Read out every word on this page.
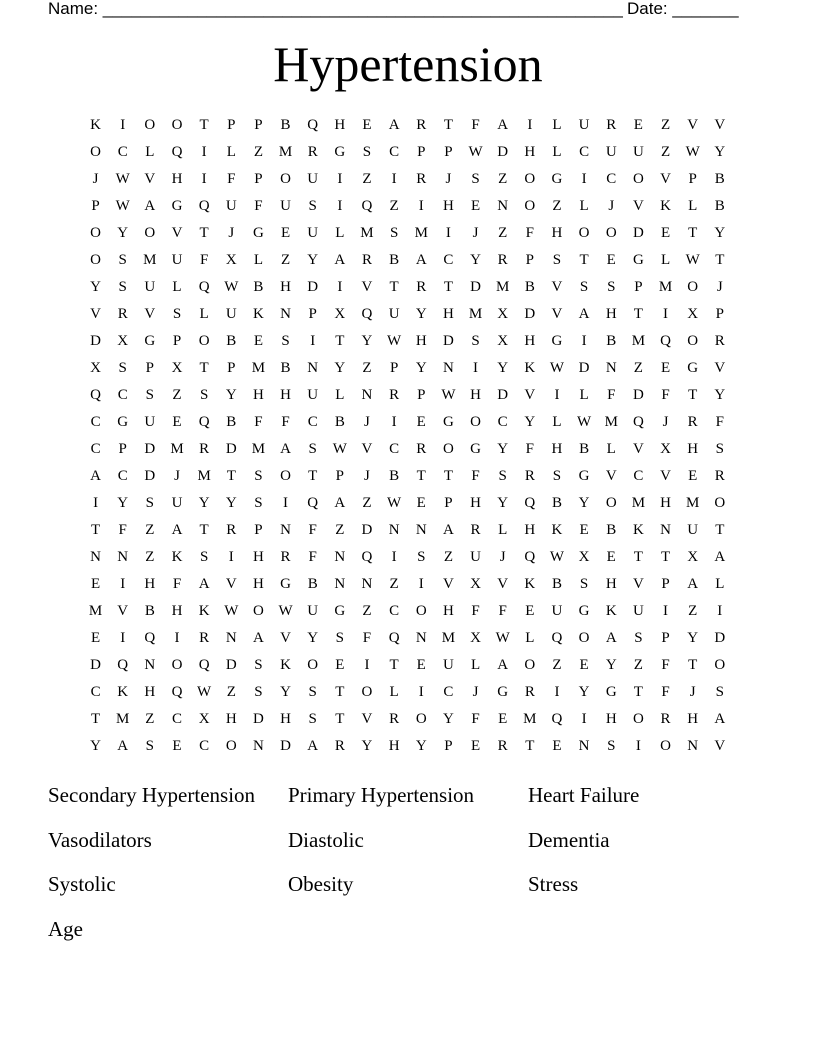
Name: _______________________________________________________ Date: _______
Hypertension
K	I	O	O	T	P	P	B	Q	H	E	A	R	T	F	A	I	L	U	R	E	Z	V	V
O	C	L	Q	I	L	Z	M	R	G	S	C	P	P	W D	H	L	C	U	U	Z	W Y
J	W V	H	I	F	P	O	U	I	Z	I	R	J	S	Z	O	G	I	C	O	V	P	B
P	W A	G	Q	U	F	U	S	I	Q	Z	I	H	E	N	O	Z	L	J	V	K	L	B
O	Y	O	V	T	J	G	E	U	L	M	S	M	I	J	Z	F	H	O	O	D	E	T	Y
O	S	M	U	F	X	L	Z	Y	A	R	B	A	C	Y	R	P	S	T	E	G	L	W	T
Y	S	U	L	Q W	B	H	D	I	V	T	R	T	D	M	B	V	S	S	P	M	O	J
V	R	V	S	L	U	K	N	P	X	Q	U	Y	H	M	X	D	V	A	H	T	I	X	P
D	X	G	P	O	B	E	S	I	T	Y W H	D	S	X	H	G	I	B	M	Q	O	R
X	S	P	X	T	P	M	B	N	Y	Z	P	Y	N	I	Y	K W D	N	Z	E	G	V
Q	C	S	Z	S	Y	H	H	U	L	N	R	P	W H	D	V	I	L	F	D	F	T	Y
C	G	U	E	Q	B	F	F	C	B	J	I	E	G	O	C	Y	L	W M	Q	J	R	F
C	P	D	M	R	D	M	A	S	W V	C	R	O	G	Y	F	H	B	L	V	X	H	S
A	C	D	J	M	T	S	O	T	P	J	B	T	T	F	S	R	S	G	V	C	V	E	R
I	Y	S	U	Y	Y	S	I	Q	A	Z	W	E	P	H	Y	Q	B	Y	O	M	H	M	O
T	F	Z	A	T	R	P	N	F	Z	D	N	N	A	R	L	H	K	E	B	K	N	U	T
N	N	Z	K	S	I	H	R	F	N	Q	I	S	Z	U	J	Q W X	E	T	T	X	A
E	I	H	F	A	V	H	G	B	N	N	Z	I	V	X	V	K	B	S	H	V	P	A	L
M	V	B	H	K W O W U	G	Z	C	O	H	F	F	E	U	G	K	U	I	Z	I
E	I	Q	I	R	N	A	V	Y	S	F	Q	N	M	X W	L	Q	O	A	S	P	Y	D
D	Q	N	O	Q	D	S	K	O	E	I	T	E	U	L	A	O	Z	E	Y	Z	F	T	O
C	K	H	Q W	Z	S	Y	S	T	O	L	I	C	J	G	R	I	Y	G	T	F	J	S
T	M	Z	C	X	H	D	H	S	T	V	R	O	Y	F	E	M	Q	I	H	O	R	H	A
Y	A	S	E	C	O	N	D	A	R	Y	H	Y	P	E	R	T	E	N	S	I	O	N	V
Secondary Hypertension	Primary Hypertension	Heart Failure
Vasodilators	Diastolic	Dementia
Systolic	Obesity	Stress
Age
